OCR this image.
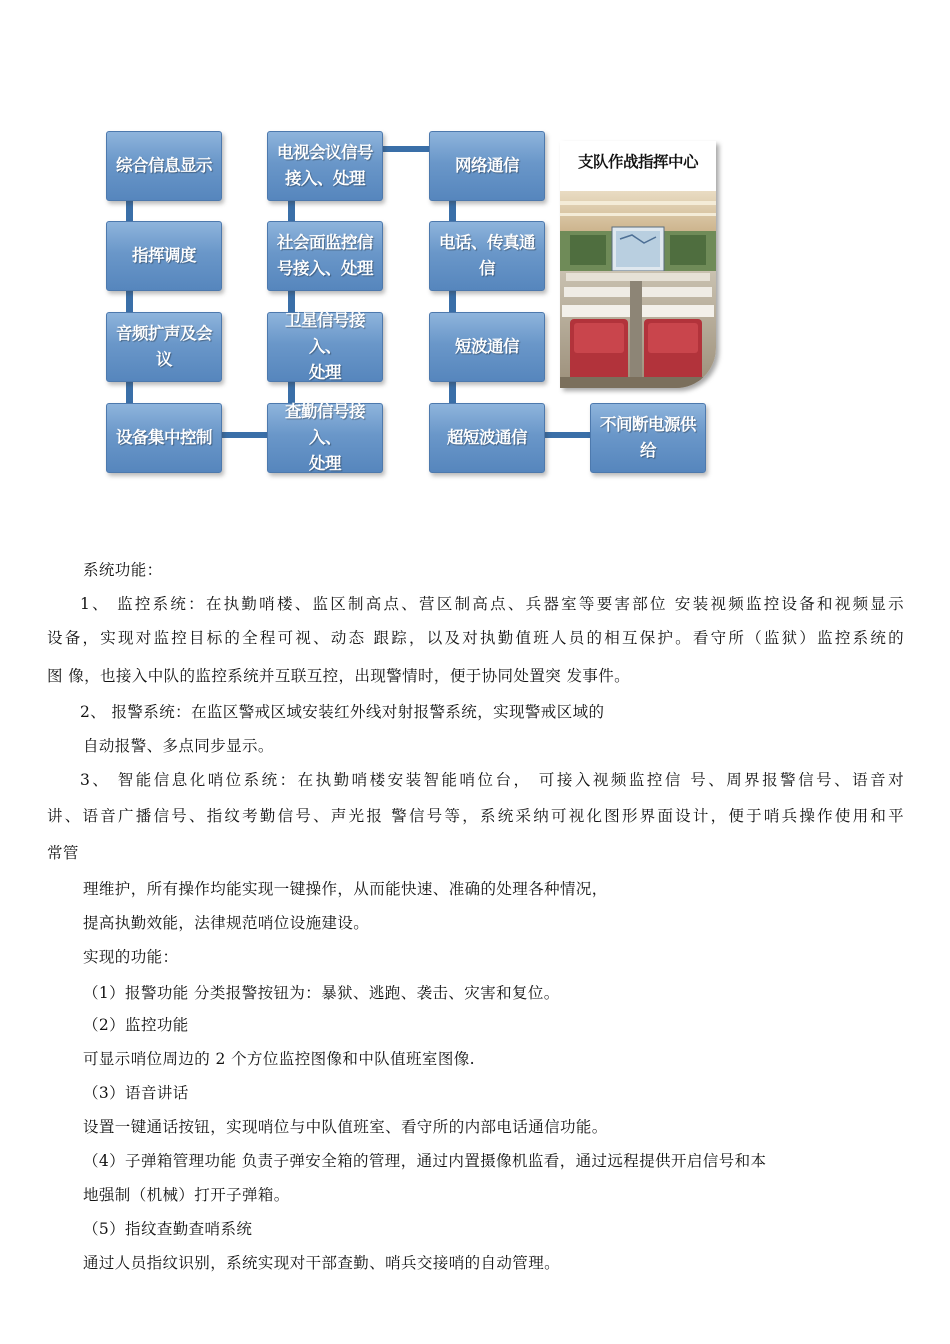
综合信息显示
指挥调度
音频扩声及会
议
设备集中控制
电视会议信号
接入、处理
社会面监控信
号接入、处理
卫星信号接入、
处理
查勤信号接入、
处理
网络通信
电话、传真通
信
短波通信
超短波通信
不间断电源供
给
支队作战指挥中心
系统功能：
1、 监控系统：在执勤哨楼、监区制高点、营区制高点、兵器室等要害部位 安装视频监控设备和视频显示
设备，实现对监控目标的全程可视、动态 跟踪，以及对执勤值班人员的相互保护。看守所（监狱）监控系统的
图 像，也接入中队的监控系统并互联互控，出现警情时，便于协同处置突 发事件。
2、 报警系统：在监区警戒区域安装红外线对射报警系统，实现警戒区域的
自动报警、多点同步显示。
3、 智能信息化哨位系统：在执勤哨楼安装智能哨位台， 可接入视频监控信 号、周界报警信号、语音对
讲、语音广播信号、指纹考勤信号、声光报 警信号等，系统采纳可视化图形界面设计，便于哨兵操作使用和平
常管
理维护，所有操作均能实现一键操作，从而能快速、准确的处理各种情况，
提高执勤效能，法律规范哨位设施建设。
实现的功能：
（1）报警功能 分类报警按钮为：暴狱、逃跑、袭击、灾害和复位。
（2）监控功能
可显示哨位周边的 2 个方位监控图像和中队值班室图像.
（3）语音讲话
设置一键通话按钮，实现哨位与中队值班室、看守所的内部电话通信功能。
（4）子弹箱管理功能 负责子弹安全箱的管理，通过内置摄像机监看，通过远程提供开启信号和本
地强制（机械）打开子弹箱。
（5）指纹查勤查哨系统
通过人员指纹识别，系统实现对干部查勤、哨兵交接哨的自动管理。
